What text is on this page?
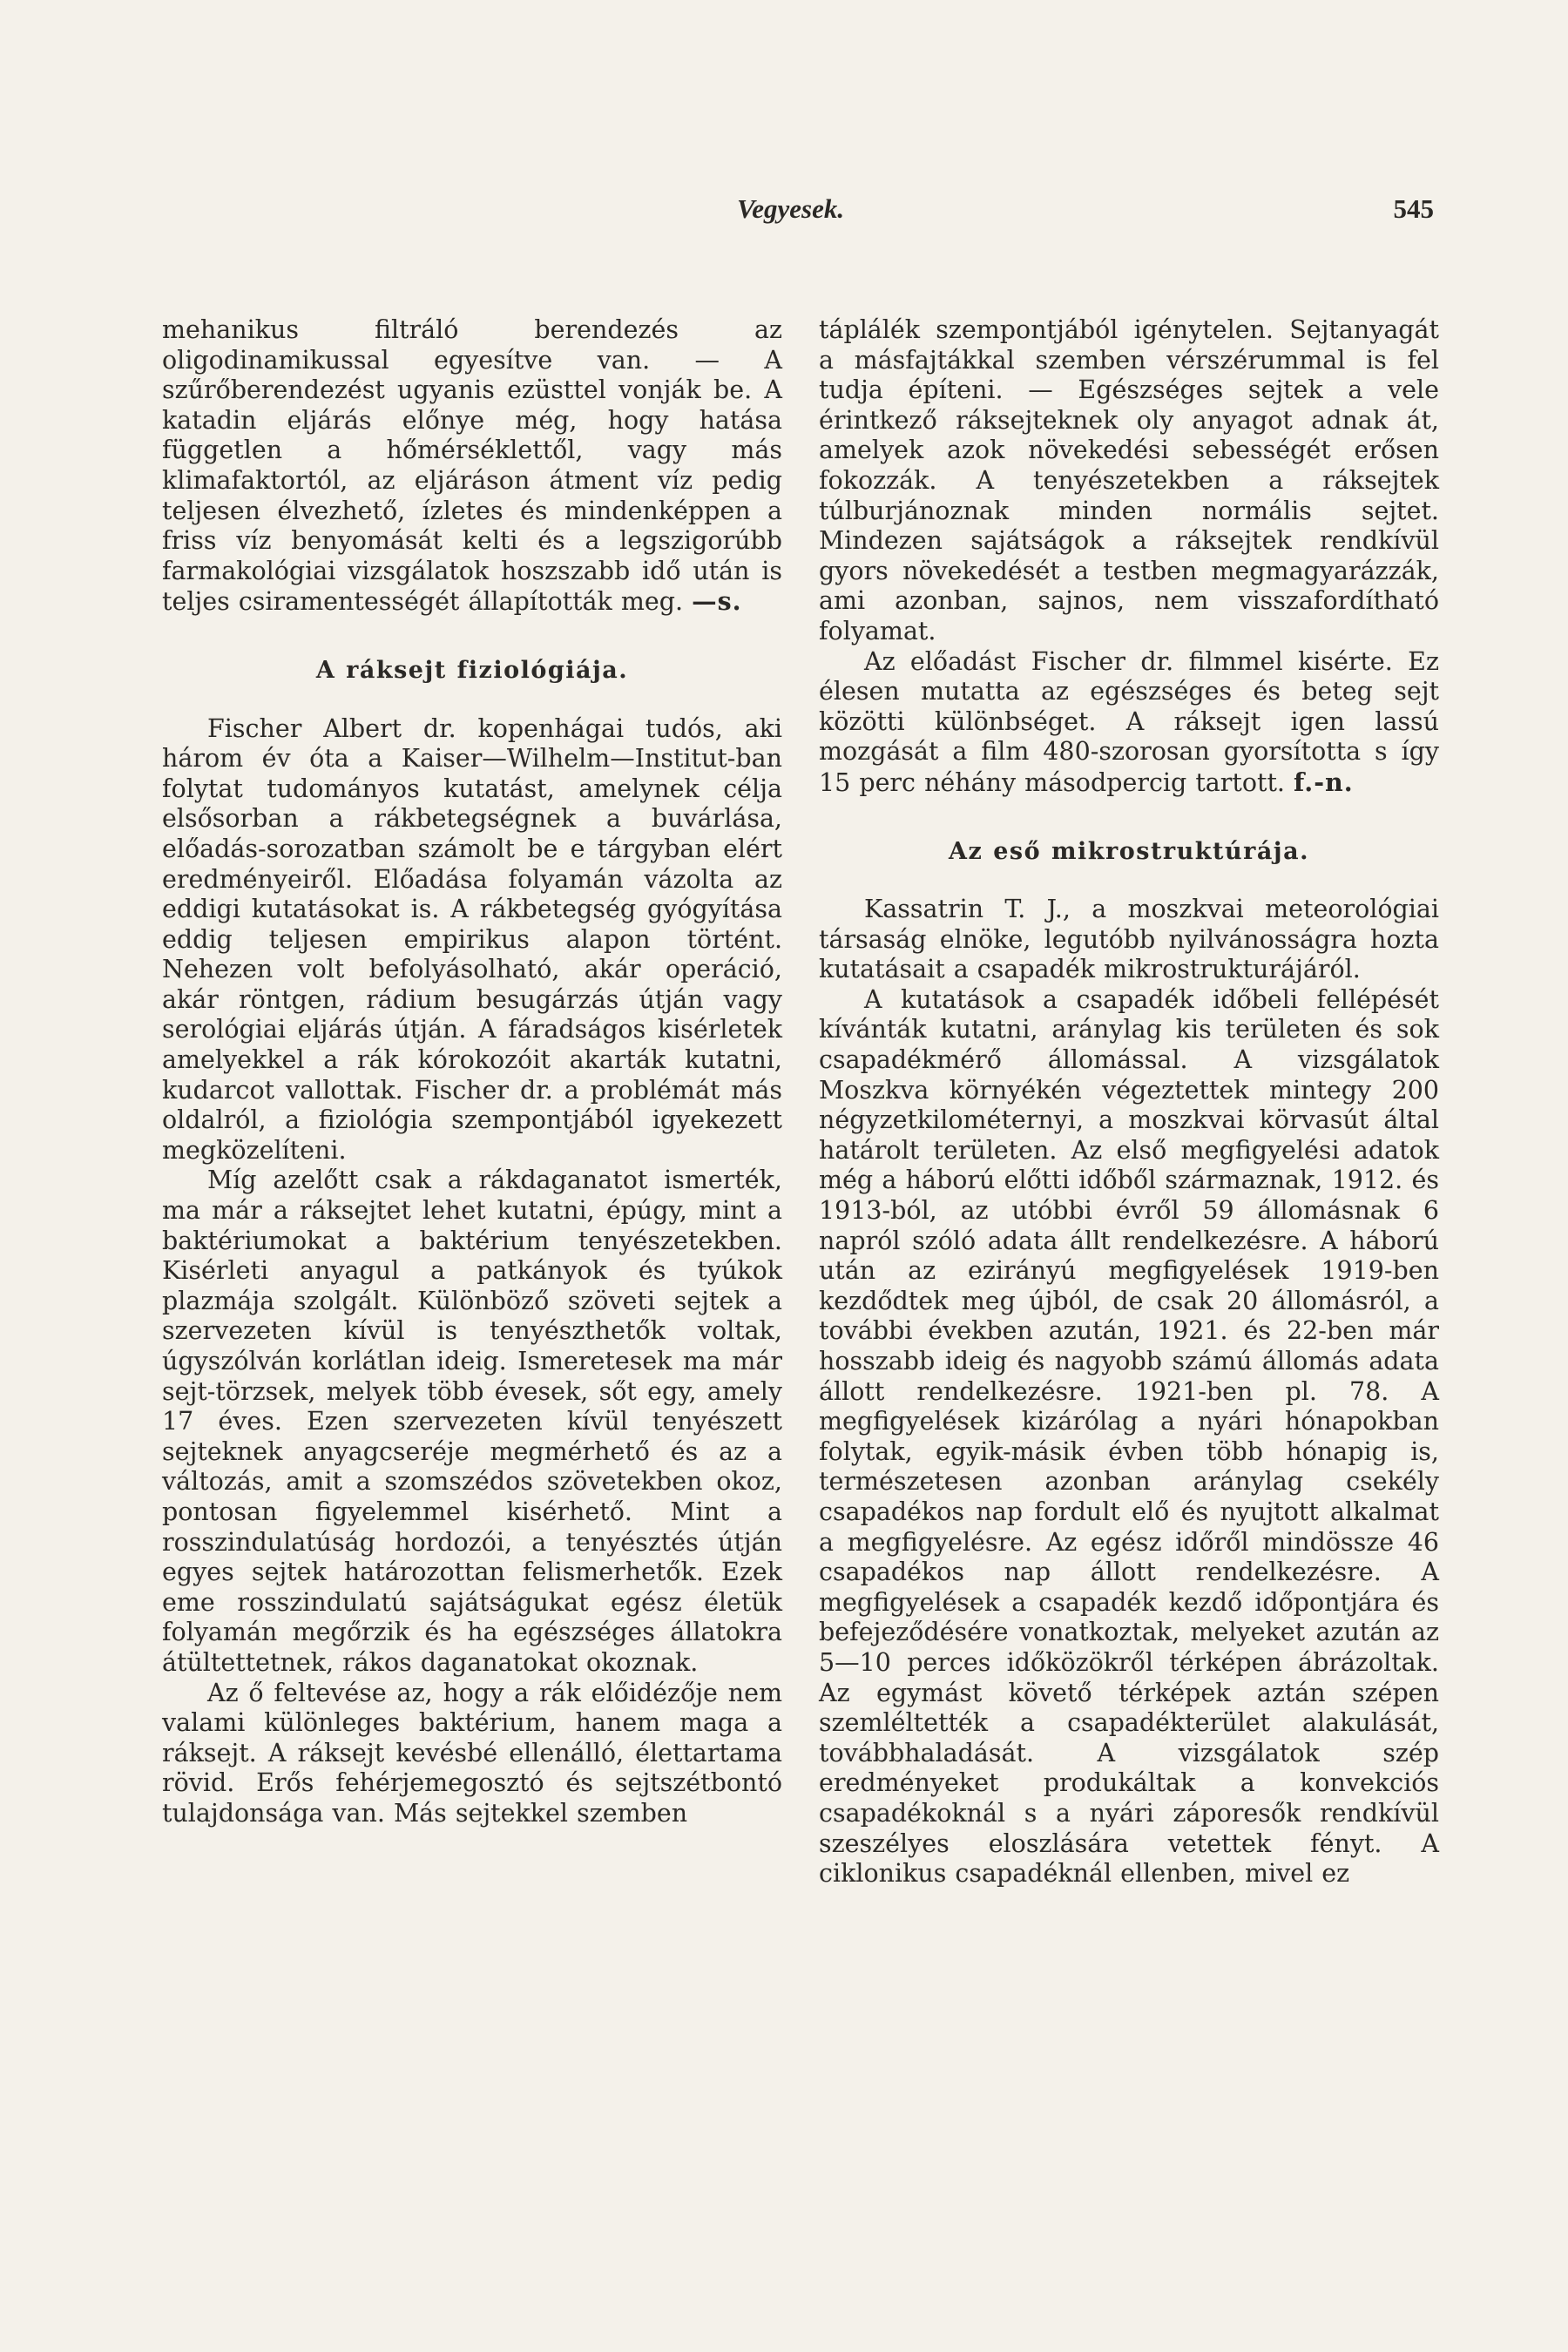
Vegyesek.	545

mehanikus filtráló berendezés az oligodinamikussal egyesítve van. — A szűrőberendezést ugyanis ezüsttel vonják be. A katadin eljárás előnye még, hogy hatása független a hőmérséklettől, vagy más klimafaktortól, az eljáráson átment víz pedig teljesen élvezhető, ízletes és mindenképpen a friss víz benyomását kelti és a legszigorúbb farmakológiai vizsgálatok hoszszabb idő után is teljes csiramentességét állapították meg. —s.

A ráksejt fiziológiája.

Fischer Albert dr. kopenhágai tudós, aki három év óta a Kaiser—Wilhelm—Institut-ban folytat tudományos kutatást, amelynek célja elsősorban a rákbetegségnek a buvárlása, előadás-sorozatban számolt be e tárgyban elért eredményeiről. Előadása folyamán vázolta az eddigi kutatásokat is. A rákbetegség gyógyítása eddig teljesen empirikus alapon történt. Nehezen volt befolyásolható, akár operáció, akár röntgen, rádium besugárzás útján vagy serológiai eljárás útján. A fáradságos kisérletek amelyekkel a rák kórokozóit akarták kutatni, kudarcot vallottak. Fischer dr. a problémát más oldalról, a fiziológia szempontjából igyekezett megközelíteni.

Míg azelőtt csak a rákdaganatot ismerték, ma már a ráksejtet lehet kutatni, épúgy, mint a baktériumokat a baktérium tenyészetekben. Kisérleti anyagul a patkányok és tyúkok plazmája szolgált. Különböző szöveti sejtek a szervezeten kívül is tenyészthetők voltak, úgyszólván korlátlan ideig. Ismeretesek ma már sejt-törzsek, melyek több évesek, sőt egy, amely 17 éves. Ezen szervezeten kívül tenyészett sejteknek anyagcseréje megmérhető és az a változás, amit a szomszédos szövetekben okoz, pontosan figyelemmel kisérhető. Mint a rosszindulatúság hordozói, a tenyésztés útján egyes sejtek határozottan felismerhetők. Ezek eme rosszindulatú sajátságukat egész életük folyamán megőrzik és ha egészséges állatokra átültettetnek, rákos daganatokat okoznak.

Az ő feltevése az, hogy a rák előidézője nem valami különleges baktérium, hanem maga a ráksejt. A ráksejt kevésbé ellenálló, élettartama rövid. Erős fehérjemegosztó és sejtszétbontó tulajdonsága van. Más sejtekkel szemben

táplálék szempontjából igénytelen. Sejtanyagát a másfajtákkal szemben vérszérummal is fel tudja építeni. — Egészséges sejtek a vele érintkező ráksejteknek oly anyagot adnak át, amelyek azok növekedési sebességét erősen fokozzák. A tenyészetekben a ráksejtek túlburjánoznak minden normális sejtet. Mindezen sajátságok a ráksejtek rendkívül gyors növekedését a testben megmagyarázzák, ami azonban, sajnos, nem visszafordítható folyamat.

Az előadást Fischer dr. filmmel kisérte. Ez élesen mutatta az egészséges és beteg sejt közötti különbséget. A ráksejt igen lassú mozgását a film 480-szorosan gyorsította s így 15 perc néhány másodpercig tartott. f.-n.

Az eső mikrostruktúrája.

Kassatrin T. J., a moszkvai meteorológiai társaság elnöke, legutóbb nyilvánosságra hozta kutatásait a csapadék mikrostrukturájáról.

A kutatások a csapadék időbeli fellépését kívánták kutatni, aránylag kis területen és sok csapadékmérő állomással. A vizsgálatok Moszkva környékén végeztettek mintegy 200 négyzetkilométernyi, a moszkvai körvasút által határolt területen. Az első megfigyelési adatok még a háború előtti időből származnak, 1912. és 1913-ból, az utóbbi évről 59 állomásnak 6 napról szóló adata állt rendelkezésre. A háború után az ezirányú megfigyelések 1919-ben kezdődtek meg újból, de csak 20 állomásról, a további években azután, 1921. és 22-ben már hosszabb ideig és nagyobb számú állomás adata állott rendelkezésre. 1921-ben pl. 78. A megfigyelések kizárólag a nyári hónapokban folytak, egyik-másik évben több hónapig is, természetesen azonban aránylag csekély csapadékos nap fordult elő és nyujtott alkalmat a megfigyelésre. Az egész időről mindössze 46 csapadékos nap állott rendelkezésre. A megfigyelések a csapadék kezdő időpontjára és befejeződésére vonatkoztak, melyeket azután az 5—10 perces időközökről térképen ábrázoltak. Az egymást követő térképek aztán szépen szemléltették a csapadékterület alakulását, továbbhaladását. A vizsgálatok szép eredményeket produkáltak a konvekciós csapadékoknál s a nyári záporesők rendkívül szeszélyes eloszlására vetettek fényt. A ciklonikus csapadéknál ellenben, mivel ez
